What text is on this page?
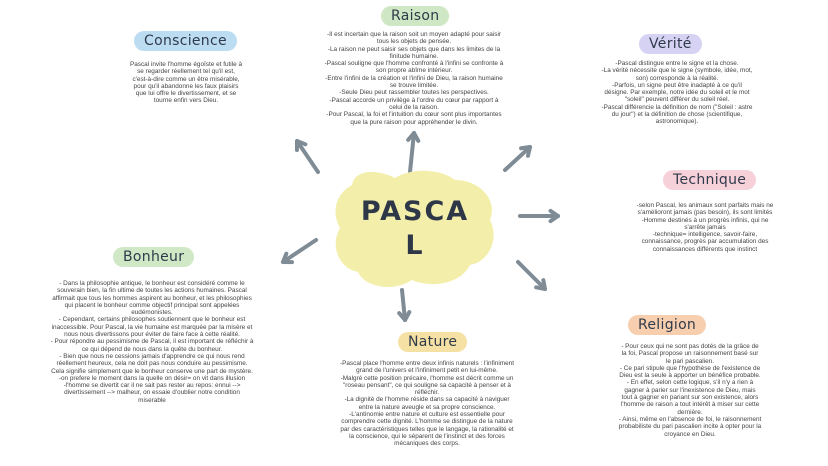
PASCA
L
Raison
-Il est incertain que la raison soit un moyen adapté pour saisir
tous les objets de pensée.
-La raison ne peut saisir ses objets que dans les limites de la
finitude humaine.
-Pascal souligne que l'homme confronté à l'infini se confronte à
son propre abîme intérieur.
-Entre l'infini de la création et l'infini de Dieu, la raison humaine
se trouve limitée.
-Seule Dieu peut rassembler toutes les perspectives.
-Pascal accorde un privilège à l'ordre du cœur par rapport à
celui de la raison.
-Pour Pascal, la foi et l'intuition du cœur sont plus importantes
que la pure raison pour appréhender le divin.
Conscience
Pascal invite l'homme égoïste et futile à
se regarder réellement tel qu'il est,
c'est-à-dire comme un être misérable,
pour qu'il abandonne les faux plaisirs
que lui offre le divertissement, et se
tourne enfin vers Dieu.
Vérité
-Pascal distingue entre le signe et la chose.
-La vérité nécessite que le signe (symbole, idée, mot,
son) corresponde à la réalité.
-Parfois, un signe peut être inadapté à ce qu'il
désigne. Par exemple, notre idée du soleil et le mot
"soleil" peuvent différer du soleil réel.
-Pascal différencie la définition de nom ("Soleil : astre
du jour") et la définition de chose (scientifique,
astronomique).
Technique
-selon Pascal, les animaux sont parfaits mais ne
s'amélioront jamais (pas besoin), ils sont limités
-Homme destinés à un progrès infinis, qui ne
s'arrête jamais
-technique= intelligence, savoir-faire,
connaissance, progrès par accumulation des
connaissances différents que instinct
Bonheur
- Dans la philosophie antique, le bonheur est considéré comme le
souverain bien, la fin ultime de toutes les actions humaines. Pascal
affirmait que tous les hommes aspirent au bonheur, et les philosophies
qui placent le bonheur comme objectif principal sont appelées
eudémonistes.
- Cependant, certains philosophes soutiennent que le bonheur est
inaccessible. Pour Pascal, la vie humaine est marquée par la misère et
nous nous divertissons pour éviter de faire face à cette réalité.
- Pour répondre au pessimisme de Pascal, il est important de réfléchir à
ce qui dépend de nous dans la quête du bonheur.
- Bien que nous ne cessions jamais d'apprendre ce qui nous rend
réellement heureux, cela ne doit pas nous conduire au pessimisme.
Cela signifie simplement que le bonheur conserve une part de mystère.
-on prefere le moment dans la quelle on désir= on vit dans illusion
-l'homme se divertit car il ne sait pas rester au repos: ennui -->
divertissement --> malheur, on essaie d'oublier notre condition
miserable
Nature
-Pascal place l'homme entre deux infinis naturels : l'infiniment
grand de l'univers et l'infiniment petit en lui-même.
-Malgré cette position précaire, l'homme est décrit comme un
"roseau pensant", ce qui souligne sa capacité à penser et à
réfléchir.
-La dignité de l'homme réside dans sa capacité à naviguer
entre la nature aveugle et sa propre conscience.
-L'antinomie entre nature et culture est essentielle pour
comprendre cette dignité. L'homme se distingue de la nature
par des caractéristiques telles que le langage, la rationalité et
la conscience, qui le séparent de l'instinct et des forces
mécaniques des corps.
Religion
- Pour ceux qui ne sont pas dotés de la grâce de
la foi, Pascal propose un raisonnement basé sur
le pari pascalien.
- Ce pari stipule que l'hypothèse de l'existence de
Dieu est la seule à apporter un bénéfice probable.
- En effet, selon cette logique, s'il n'y a rien à
gagner à parier sur l'inexistence de Dieu, mais
tout à gagner en pariant sur son existence, alors
l'homme de raison a tout intérêt à miser sur cette
dernière.
- Ainsi, même en l'absence de foi, le raisonnement
probabiliste du pari pascalien incite à opter pour la
croyance en Dieu.
